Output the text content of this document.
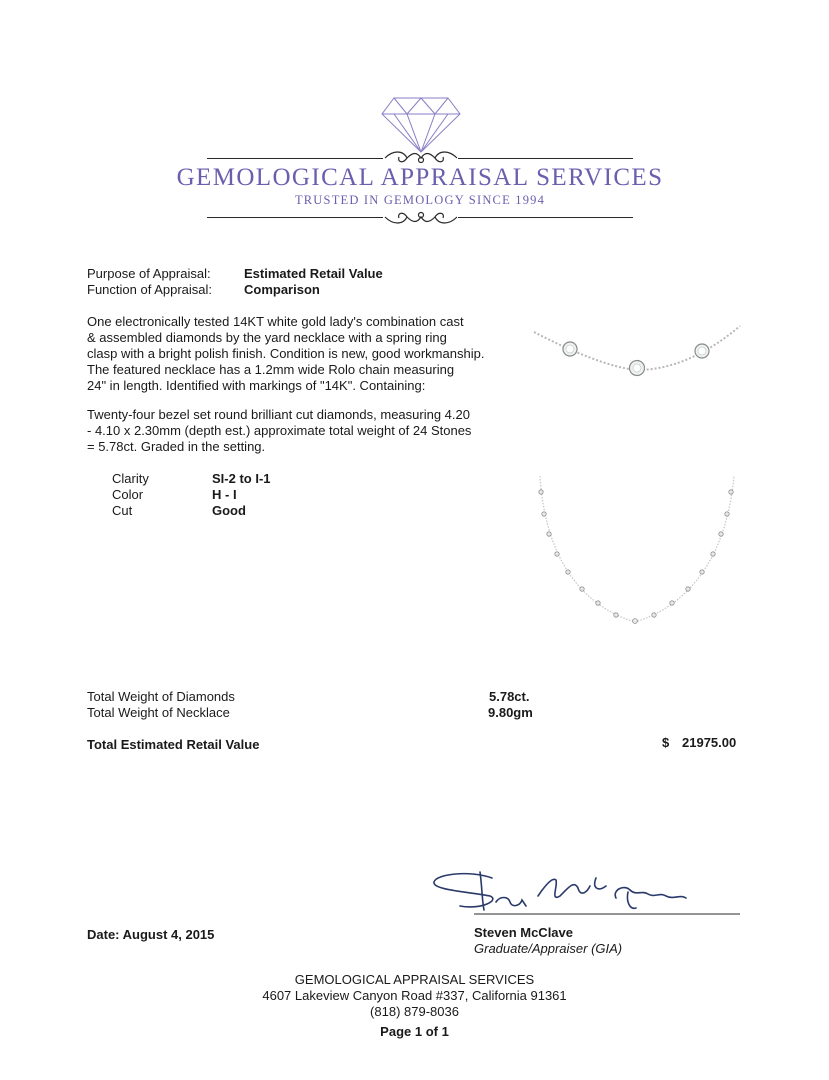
GEMOLOGICAL APPRAISAL SERVICES
TRUSTED IN GEMOLOGY SINCE 1994
Purpose of Appraisal:	Estimated Retail Value
Function of Appraisal: Comparison
One electronically tested 14KT white gold lady's combination cast
& assembled diamonds by the yard necklace with a spring ring
clasp with a bright polish finish. Condition is new, good workmanship.
The featured necklace has a 1.2mm wide Rolo chain measuring
24" in length. Identified with markings of "14K". Containing:
Twenty-four bezel set round brilliant cut diamonds, measuring 4.20
- 4.10 x 2.30mm (depth est.) approximate total weight of 24 Stones
= 5.78ct. Graded in the setting.
Clarity	SI-2 to I-1
Color	H - I
Cut	Good
Total Weight of Diamonds	5.78ct.
Total Weight of Necklace	9.80gm
Total Estimated Retail Value	$ 21975.00
Date: August 4, 2015	Steven McClave
Graduate/Appraiser (GIA)
GEMOLOGICAL APPRAISAL SERVICES
4607 Lakeview Canyon Road #337, California 91361
(818) 879-8036
Page 1 of 1
